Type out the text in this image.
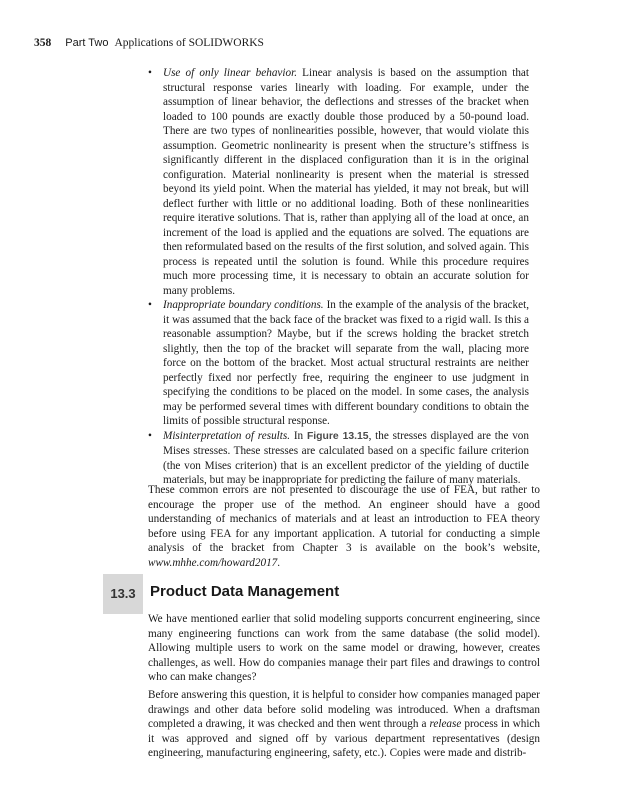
358 Part Two Applications of SOLIDWORKS
• Use of only linear behavior. Linear analysis is based on the assumption that structural response varies linearly with loading. For example, under the assumption of linear behavior, the deflections and stresses of the bracket when loaded to 100 pounds are exactly double those produced by a 50-pound load. There are two types of nonlinearities possible, however, that would violate this assumption. Geometric nonlinearity is present when the structure’s stiffness is significantly different in the displaced configuration than it is in the original configuration. Material nonlinearity is present when the material is stressed beyond its yield point. When the material has yielded, it may not break, but will deflect further with little or no additional loading. Both of these nonlinearities require iterative solutions. That is, rather than applying all of the load at once, an increment of the load is applied and the equations are solved. The equations are then reformulated based on the results of the first solution, and solved again. This process is repeated until the solution is found. While this procedure requires much more processing time, it is necessary to obtain an accurate solution for many problems.
• Inappropriate boundary conditions. In the example of the analysis of the bracket, it was assumed that the back face of the bracket was fixed to a rigid wall. Is this a reasonable assumption? Maybe, but if the screws holding the bracket stretch slightly, then the top of the bracket will separate from the wall, placing more force on the bottom of the bracket. Most actual structural restraints are neither perfectly fixed nor perfectly free, requiring the engineer to use judgment in specifying the conditions to be placed on the model. In some cases, the analysis may be performed several times with different boundary conditions to obtain the limits of possible structural response.
• Misinterpretation of results. In Figure 13.15, the stresses displayed are the von Mises stresses. These stresses are calculated based on a specific failure criterion (the von Mises criterion) that is an excellent predictor of the yielding of ductile materials, but may be inappropriate for predicting the failure of many materials.

These common errors are not presented to discourage the use of FEA, but rather to encourage the proper use of the method. An engineer should have a good understanding of mechanics of materials and at least an introduction to FEA theory before using FEA for any important application. A tutorial for conducting a simple analysis of the bracket from Chapter 3 is available on the book’s website, www.mhhe.com/howard2017.

13.3 Product Data Management

We have mentioned earlier that solid modeling supports concurrent engineering, since many engineering functions can work from the same database (the solid model). Allowing multiple users to work on the same model or drawing, however, creates challenges, as well. How do companies manage their part files and drawings to control who can make changes?

Before answering this question, it is helpful to consider how companies managed paper drawings and other data before solid modeling was introduced. When a draftsman completed a drawing, it was checked and then went through a release process in which it was approved and signed off by various department representatives (design engineering, manufacturing engineering, safety, etc.). Copies were made and distrib-
